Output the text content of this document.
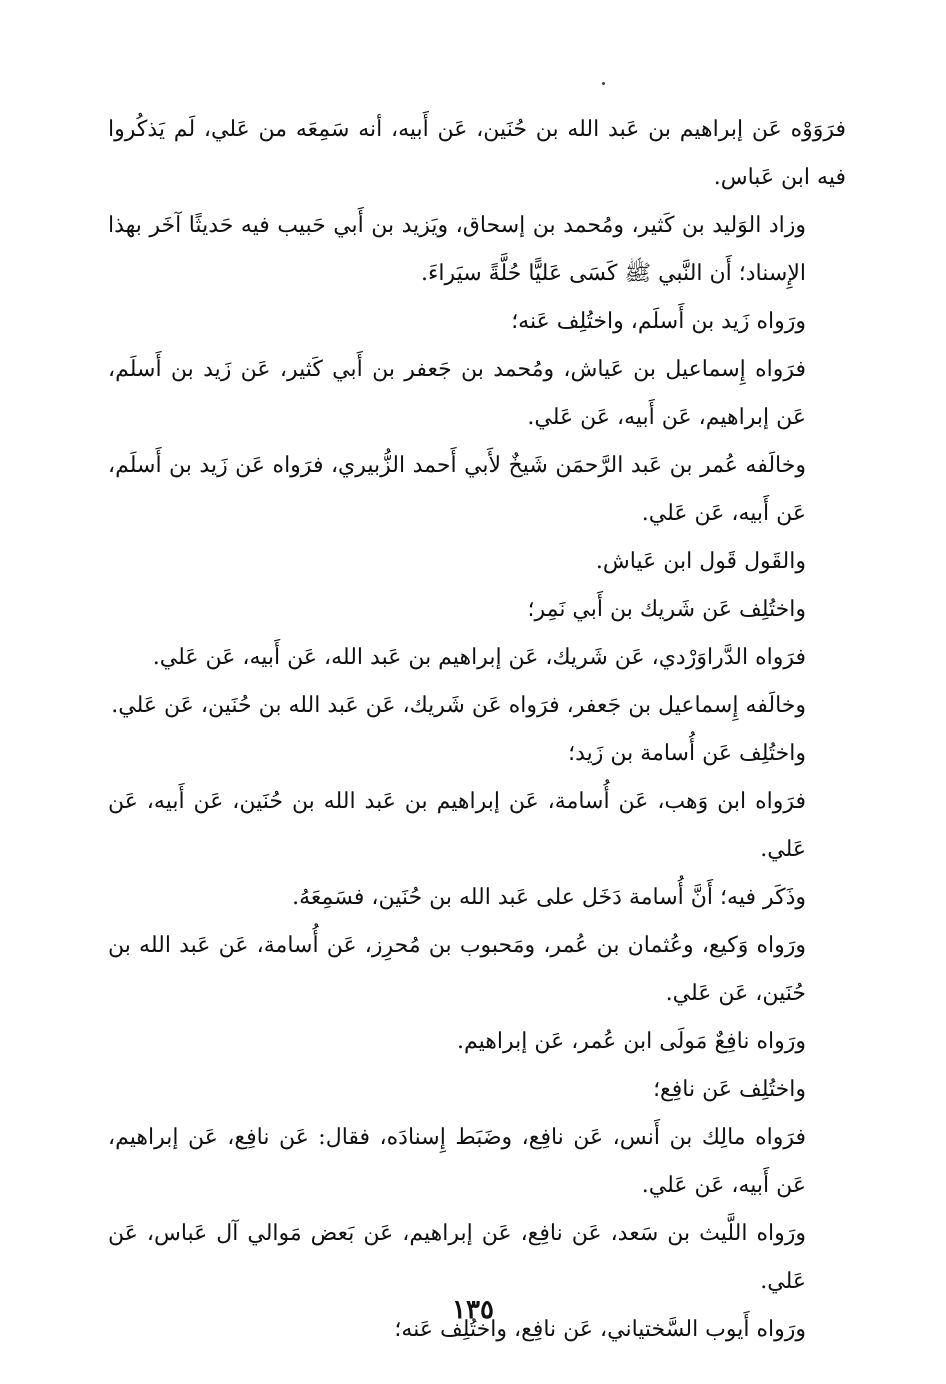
فرَوَوْه عَن إبراهيم بن عَبد الله بن حُنَين، عَن أَبيه، أنه سَمِعَه من عَلي، لَم يَذكُروا فيه ابن عَباس.

وزاد الوَليد بن كَثير، ومُحمد بن إسحاق، ويَزيد بن أَبي حَبيب فيه حَديثًا آخَر بهذا الإِسناد؛ أَن النَّبي ﷺ كَسَى عَليًّا حُلَّةً سيَراءَ.

ورَواه زَيد بن أَسلَم، واختُلِف عَنه؛

فرَواه إِسماعيل بن عَياش، ومُحمد بن جَعفر بن أَبي كَثير، عَن زَيد بن أَسلَم، عَن إبراهيم، عَن أَبيه، عَن عَلي.

وخالَفه عُمر بن عَبد الرَّحمَن شَيخٌ لأَبي أَحمد الزُّبيري، فرَواه عَن زَيد بن أَسلَم، عَن أَبيه، عَن عَلي.

والقَول قَول ابن عَياش.

واختُلِف عَن شَريك بن أَبي نَمِر؛

فرَواه الدَّراوَرْدي، عَن شَريك، عَن إبراهيم بن عَبد الله، عَن أَبيه، عَن عَلي.

وخالَفه إِسماعيل بن جَعفر، فرَواه عَن شَريك، عَن عَبد الله بن حُنَين، عَن عَلي.

واختُلِف عَن أُسامة بن زَيد؛

فرَواه ابن وَهب، عَن أُسامة، عَن إبراهيم بن عَبد الله بن حُنَين، عَن أَبيه، عَن عَلي.

وذَكَر فيه؛ أَنَّ أُسامة دَخَل على عَبد الله بن حُنَين، فسَمِعَهُ.

ورَواه وَكيع، وعُثمان بن عُمر، ومَحبوب بن مُحرِز، عَن أُسامة، عَن عَبد الله بن حُنَين، عَن عَلي.

ورَواه نافِعٌ مَولَى ابن عُمر، عَن إبراهيم.

واختُلِف عَن نافِع؛

فرَواه مالِك بن أَنس، عَن نافِع، وضَبَط إِسنادَه، فقال: عَن نافِع، عَن إبراهيم، عَن أَبيه، عَن عَلي.

ورَواه اللَّيث بن سَعد، عَن نافِع، عَن إبراهيم، عَن بَعض مَوالي آل عَباس، عَن عَلي.

ورَواه أَيوب السَّختياني، عَن نافِع، واختُلِف عَنه؛

١٣٥
